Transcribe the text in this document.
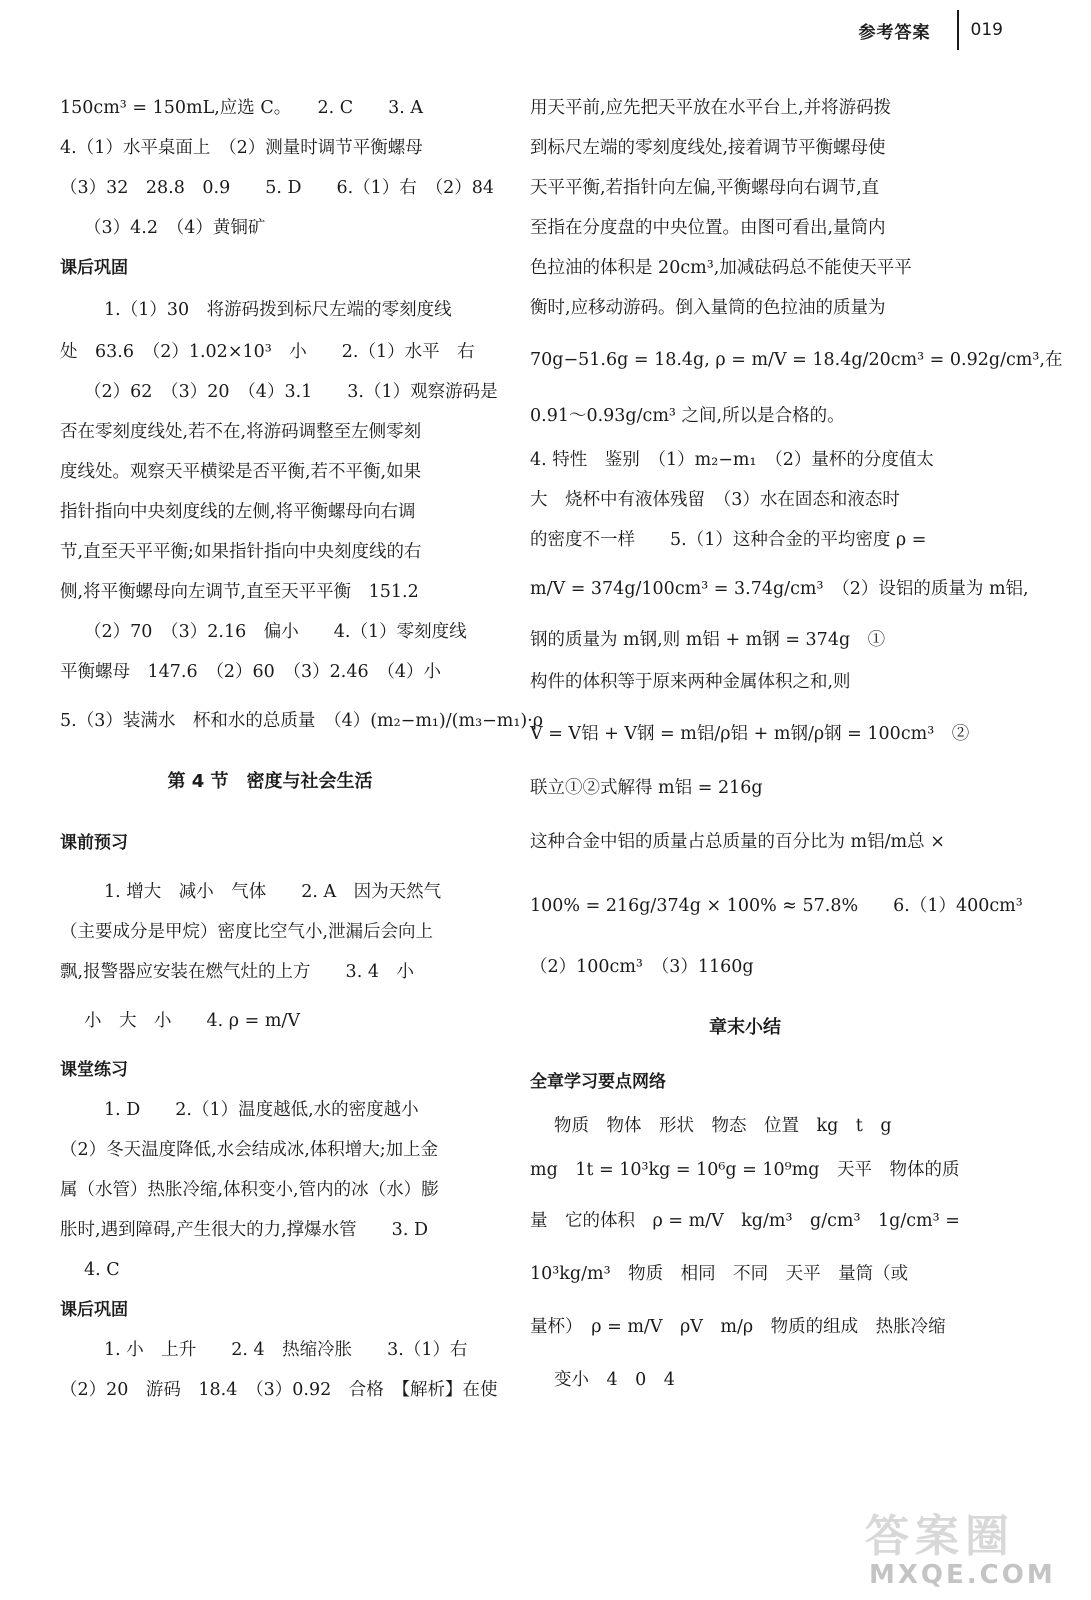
参考答案 019
150cm³ = 150mL,应选 C。　　2. C　　3. A
4.（1）水平桌面上　（2）测量时调节平衡螺母
（3）32　28.8　0.9　　5. D　　6.（1）右　（2）84
（3）4.2　（4）黄铜矿
课后巩固
1.（1）30　将游码拨到标尺左端的零刻度线
处　63.6　（2）1.02×10³　小　　2.（1）水平　右
（2）62　（3）20　（4）3.1　　3.（1）观察游码是
否在零刻度线处,若不在,将游码调整至左侧零刻
度线处。观察天平横梁是否平衡,若不平衡,如果
指针指向中央刻度线的左侧,将平衡螺母向右调
节,直至天平平衡;如果指针指向中央刻度线的右
侧,将平衡螺母向左调节,直至天平平衡　151.2
（2）70　（3）2.16　偏小　　4.（1）零刻度线
平衡螺母　147.6　（2）60　（3）2.46　（4）小
5.（3）装满水　杯和水的总质量　（4）(m₂−m₁)/(m₃−m₁)·ρ
第 4 节　密度与社会生活
课前预习
1. 增大　减小　气体　　2. A　因为天然气
（主要成分是甲烷）密度比空气小,泄漏后会向上
飘,报警器应安装在燃气灶的上方　　3. 4　小
小　大　小　　4. ρ = m/V
课堂练习
1. D　　2.（1）温度越低,水的密度越小
（2）冬天温度降低,水会结成冰,体积增大;加上金
属（水管）热胀冷缩,体积变小,管内的冰（水）膨
胀时,遇到障碍,产生很大的力,撑爆水管　　3. D
4. C
课后巩固
1. 小　上升　　2. 4　热缩冷胀　　3.（1）右
（2）20　游码　18.4　（3）0.92　合格　【解析】在使
用天平前,应先把天平放在水平台上,并将游码拨
到标尺左端的零刻度线处,接着调节平衡螺母使
天平平衡,若指针向左偏,平衡螺母向右调节,直
至指在分度盘的中央位置。由图可看出,量筒内
色拉油的体积是 20cm³,加减砝码总不能使天平平
衡时,应移动游码。倒入量筒的色拉油的质量为
70g−51.6g = 18.4g, ρ = m/V = 18.4g/20cm³ = 0.92g/cm³,在
0.91～0.93g/cm³ 之间,所以是合格的。
4. 特性　鉴别　（1）m₂−m₁　（2）量杯的分度值太
大　烧杯中有液体残留　（3）水在固态和液态时
的密度不一样　　5.（1）这种合金的平均密度 ρ =
m/V = 374g/100cm³ = 3.74g/cm³　（2）设铝的质量为 m铝,
钢的质量为 m钢,则 m铝 + m钢 = 374g　①
构件的体积等于原来两种金属体积之和,则
V = V铝 + V钢 = m铝/ρ铝 + m钢/ρ钢 = 100cm³　②
联立①②式解得 m铝 = 216g
这种合金中铝的质量占总质量的百分比为 m铝/m总 ×
100% = 216g/374g × 100% ≈ 57.8%　　6.（1）400cm³
（2）100cm³　（3）1160g
章末小结
全章学习要点网络
物质　物体　形状　物态　位置　kg　t　g
mg　1t = 10³kg = 10⁶g = 10⁹mg　天平　物体的质
量　它的体积　ρ = m/V　kg/m³　g/cm³　1g/cm³ =
10³kg/m³　物质　相同　不同　天平　量筒（或
量杯）　ρ = m/V　ρV　m/ρ　物质的组成　热胀冷缩
变小　4　0　4
答案圈
MXQE.COM
